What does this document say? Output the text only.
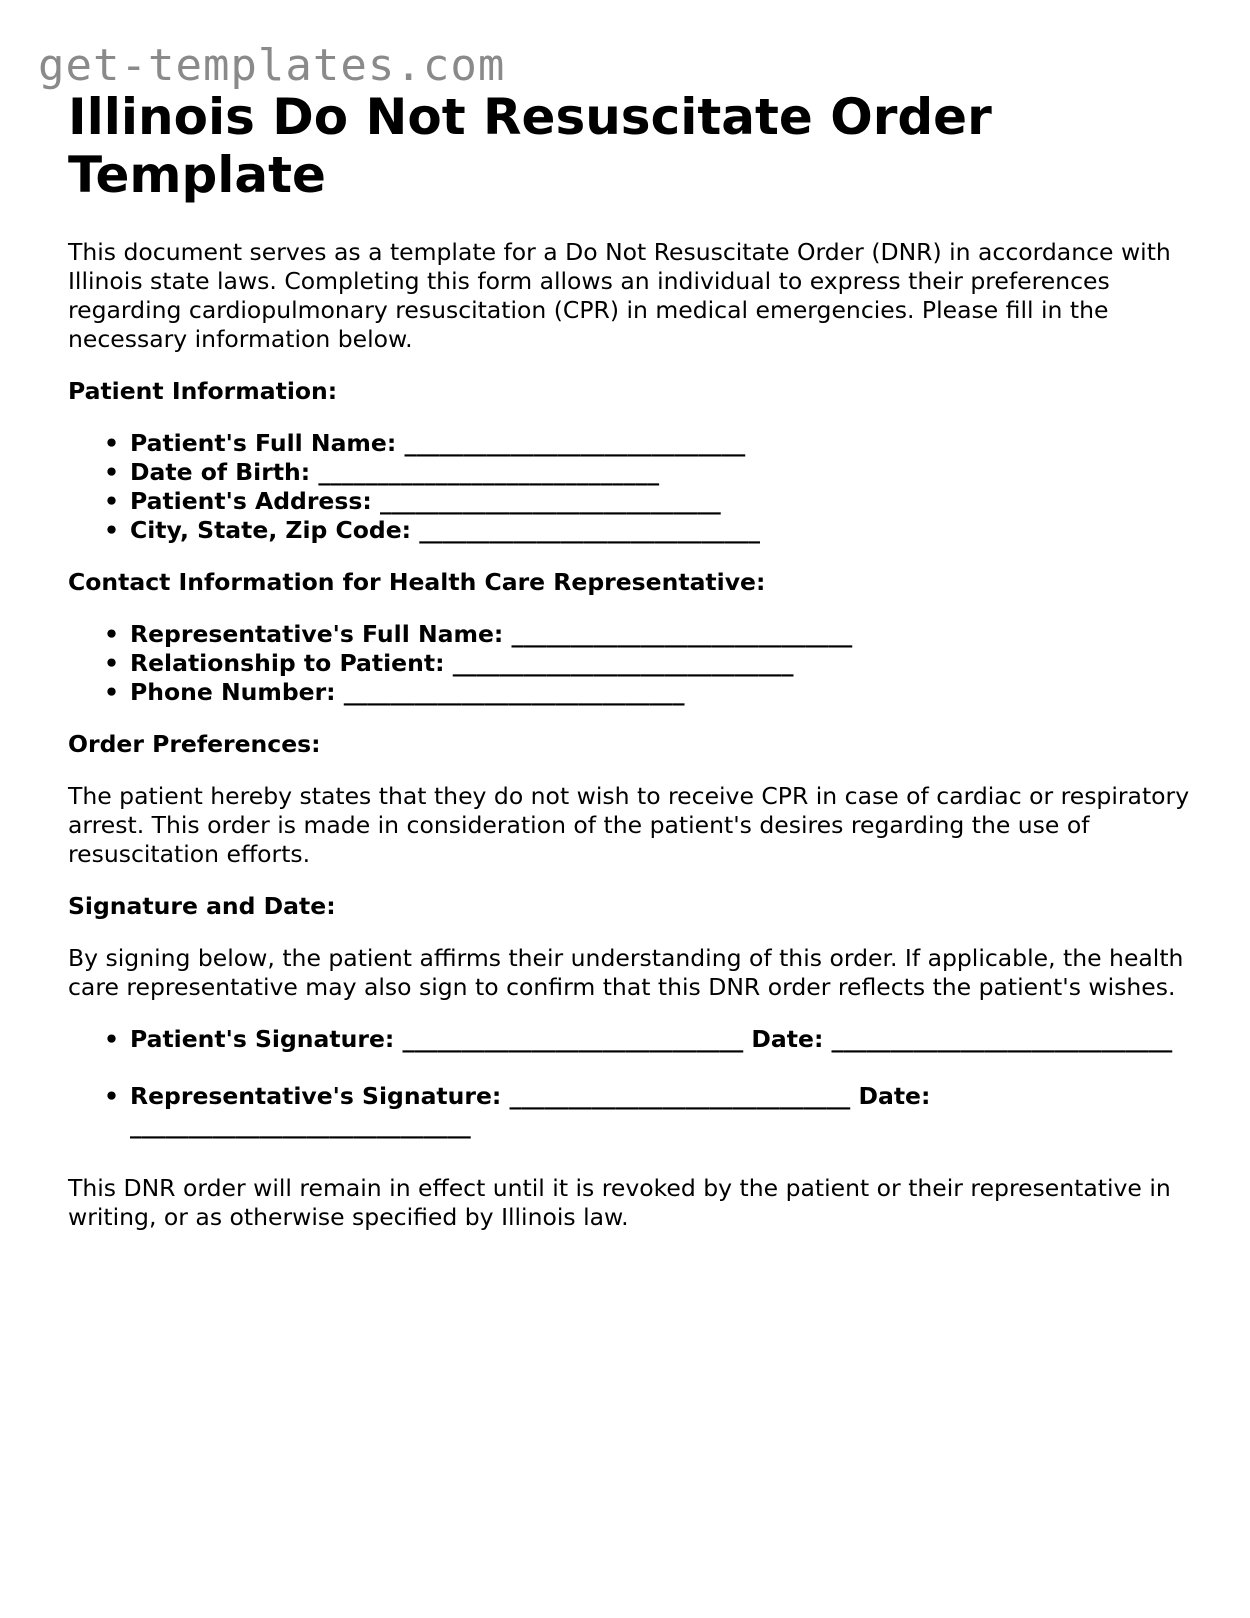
get-templates.com
Illinois Do Not Resuscitate Order Template

This document serves as a template for a Do Not Resuscitate Order (DNR) in accordance with Illinois state laws. Completing this form allows an individual to express their preferences regarding cardiopulmonary resuscitation (CPR) in medical emergencies. Please fill in the necessary information below.

Patient Information:
• Patient's Full Name: _____________________________
• Date of Birth: _____________________________
• Patient's Address: _____________________________
• City, State, Zip Code: _____________________________
Contact Information for Health Care Representative:
• Representative's Full Name: _____________________________
• Relationship to Patient: _____________________________
• Phone Number: _____________________________
Order Preferences:

The patient hereby states that they do not wish to receive CPR in case of cardiac or respiratory arrest. This order is made in consideration of the patient's desires regarding the use of resuscitation efforts.

Signature and Date:

By signing below, the patient affirms their understanding of this order. If applicable, the health care representative may also sign to confirm that this DNR order reflects the patient's wishes.

• Patient's Signature: _____________________________ Date: _____________________________
• Representative's Signature: _____________________________ Date: _____________________________

This DNR order will remain in effect until it is revoked by the patient or their representative in writing, or as otherwise specified by Illinois law.
